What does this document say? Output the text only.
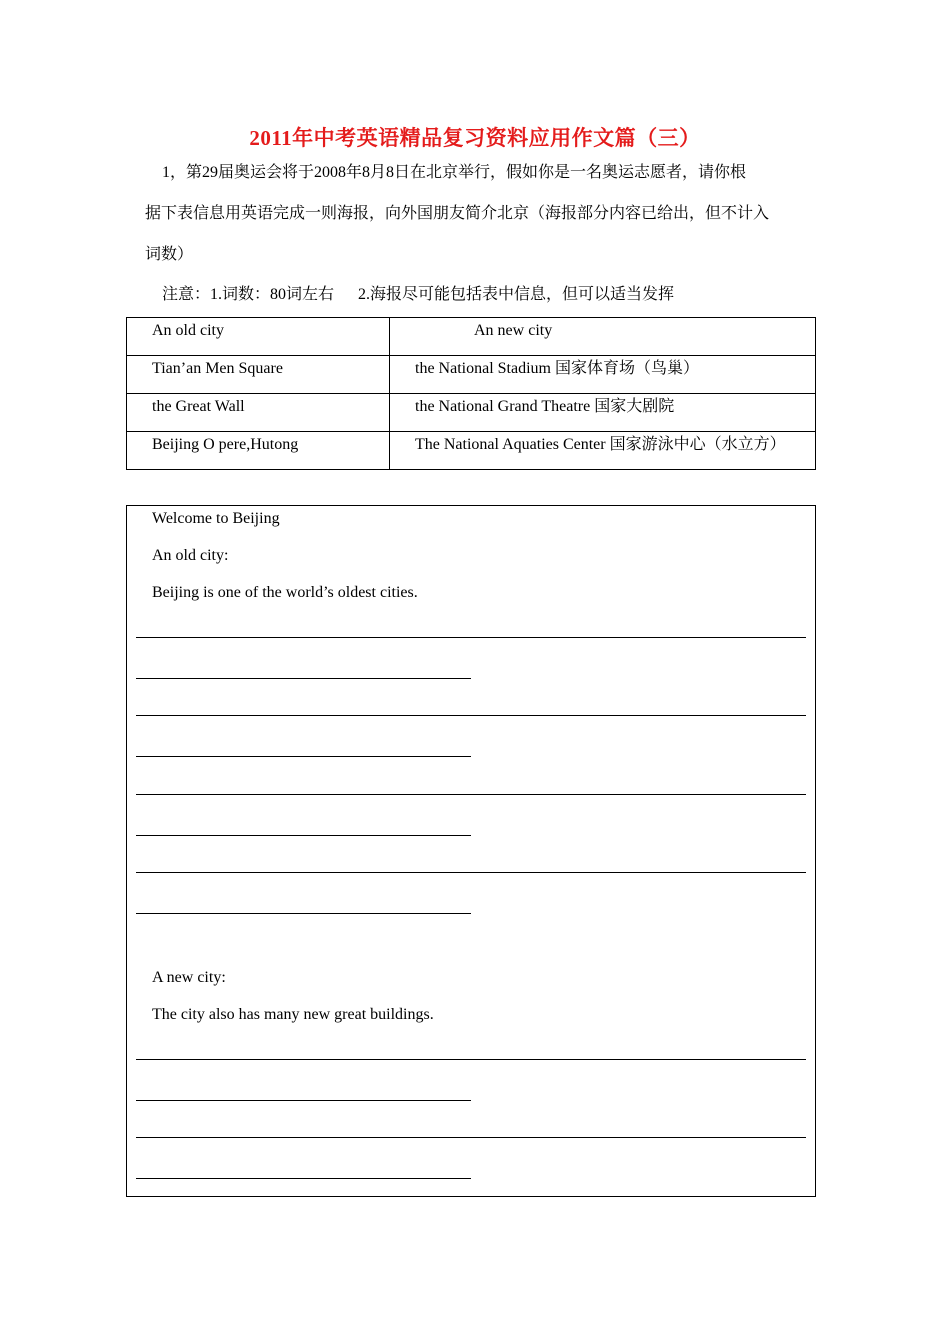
2011年中考英语精品复习资料应用作文篇（三）
1，第29届奥运会将于2008年8月8日在北京举行，假如你是一名奥运志愿者，请你根
据下表信息用英语完成一则海报，向外国朋友简介北京（海报部分内容已给出，但不计入
词数）
注意：1.词数：80词左右      2.海报尽可能包括表中信息，但可以适当发挥
An old city	An new city
Tian’an Men Square	the National Stadium 国家体育场（鸟巢）
the Great Wall	the National Grand Theatre 国家大剧院
Beijing O pere,Hutong	The National Aquaties Center 国家游泳中心（水立方）
Welcome to Beijing
An old city:
Beijing is one of the world’s oldest cities.
A new city:
The city also has many new great buildings.
